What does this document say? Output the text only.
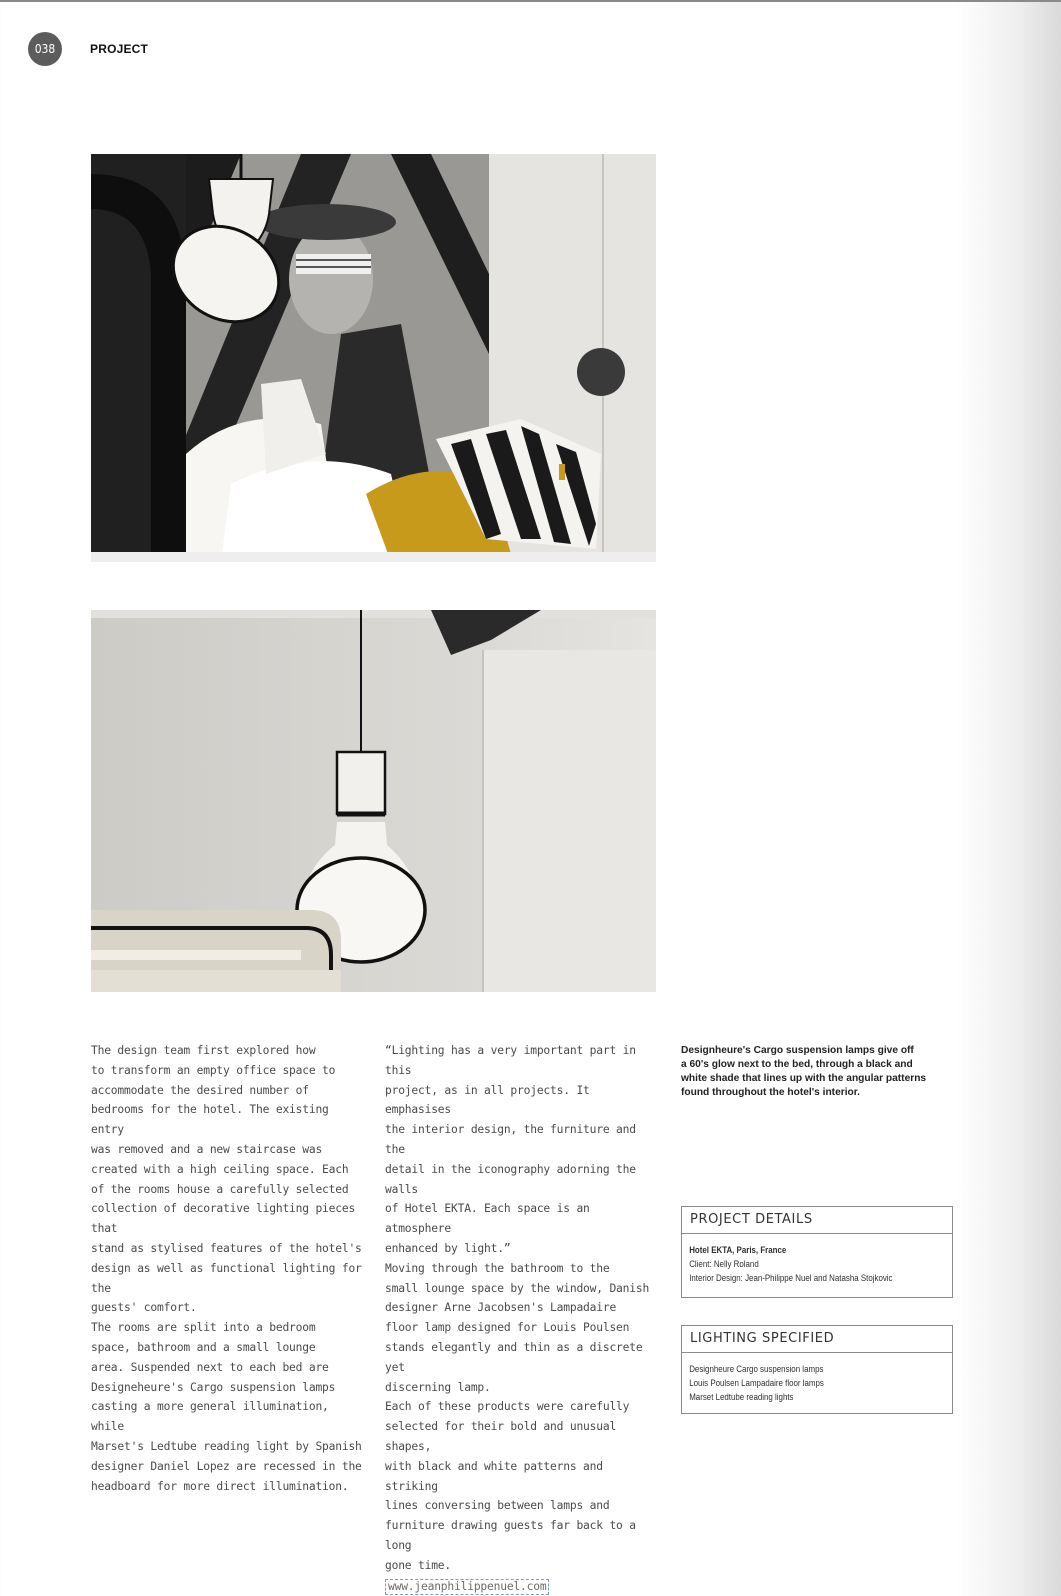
038	PROJECT

The design team first explored how
to transform an empty office space to
accommodate the desired number of
bedrooms for the hotel. The existing entry
was removed and a new staircase was
created with a high ceiling space. Each
of the rooms house a carefully selected
collection of decorative lighting pieces that
stand as stylised features of the hotel's
design as well as functional lighting for the
guests' comfort.

The rooms are split into a bedroom
space, bathroom and a small lounge
area. Suspended next to each bed are
Designeheure's Cargo suspension lamps
casting a more general illumination, while
Marset's Ledtube reading light by Spanish
designer Daniel Lopez are recessed in the
headboard for more direct illumination.

“Lighting has a very important part in this
project, as in all projects. It emphasises
the interior design, the furniture and the
detail in the iconography adorning the walls
of Hotel EKTA. Each space is an atmosphere
enhanced by light.”

Moving through the bathroom to the
small lounge space by the window, Danish
designer Arne Jacobsen's Lampadaire
floor lamp designed for Louis Poulsen
stands elegantly and thin as a discrete yet
discerning lamp.

Each of these products were carefully
selected for their bold and unusual shapes,
with black and white patterns and striking
lines conversing between lamps and
furniture drawing guests far back to a long
gone time.

www.jeanphilippenuel.com
Designheure's Cargo suspension lamps give off
a 60's glow next to the bed, through a black and
white shade that lines up with the angular patterns
found throughout the hotel's interior.
PROJECT DETAILS
Hotel EKTA, Paris, France
Client: Nelly Roland
Interior Design: Jean-Philippe Nuel and Natasha Stojkovic
LIGHTING SPECIFIED
Designheure Cargo suspension lamps
Louis Poulsen Lampadaire floor lamps
Marset Ledtube reading lights
